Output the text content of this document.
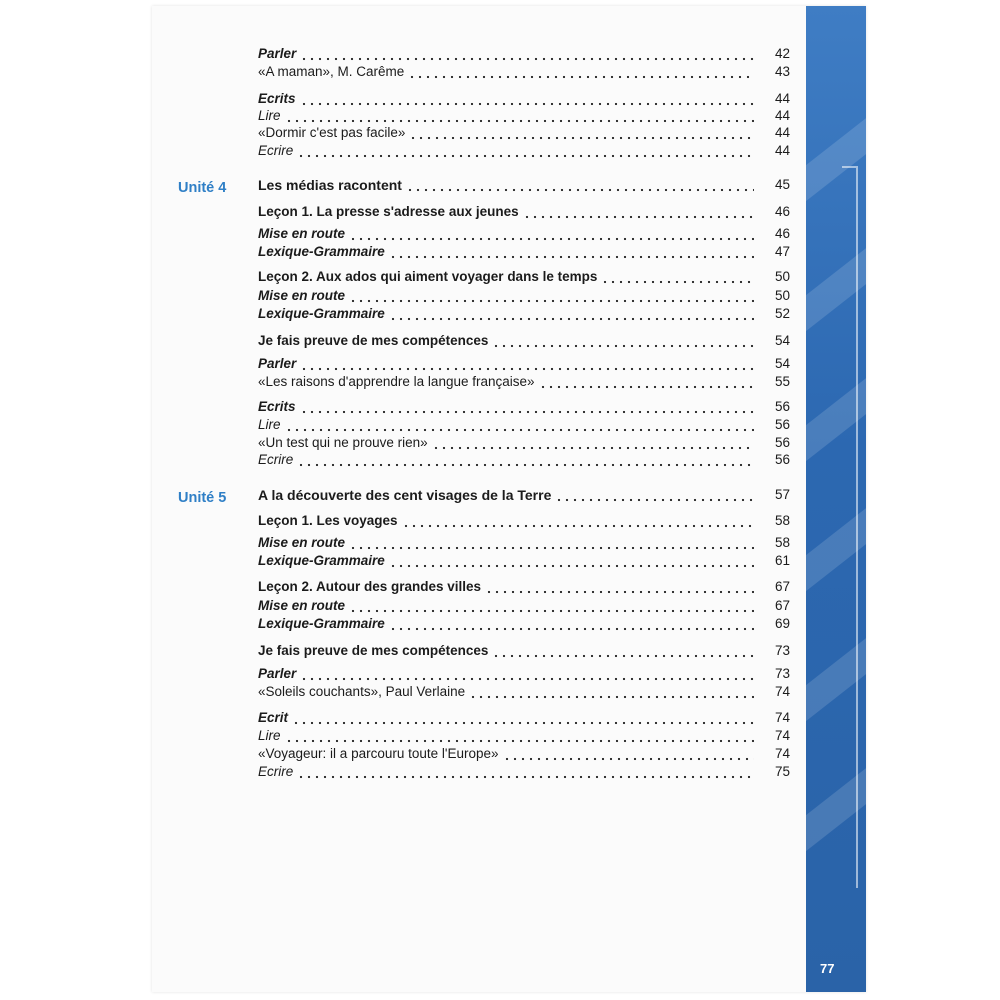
77
Parler	42
«A maman», M. Carême	43
Ecrits	44
Lire	44
«Dormir c'est pas facile»	44
Ecrire	44
Unité 4 Les médias racontent	45
Leçon 1. La presse s'adresse aux jeunes	46
Mise en route	46
Lexique-Grammaire	47
Leçon 2. Aux ados qui aiment voyager dans le temps	50
Mise en route	50
Lexique-Grammaire	52
Je fais preuve de mes compétences	54
Parler	54
«Les raisons d'apprendre la langue française»	55
Ecrits	56
Lire	56
«Un test qui ne prouve rien»	56
Ecrire	56
Unité 5 A la découverte des cent visages de la Terre	57
Leçon 1. Les voyages	58
Mise en route	58
Lexique-Grammaire	61
Leçon 2. Autour des grandes villes	67
Mise en route	67
Lexique-Grammaire	69
Je fais preuve de mes compétences	73
Parler	73
«Soleils couchants», Paul Verlaine	74
Ecrit	74
Lire	74
«Voyageur: il a parcouru toute l'Europe»	74
Ecrire	75
